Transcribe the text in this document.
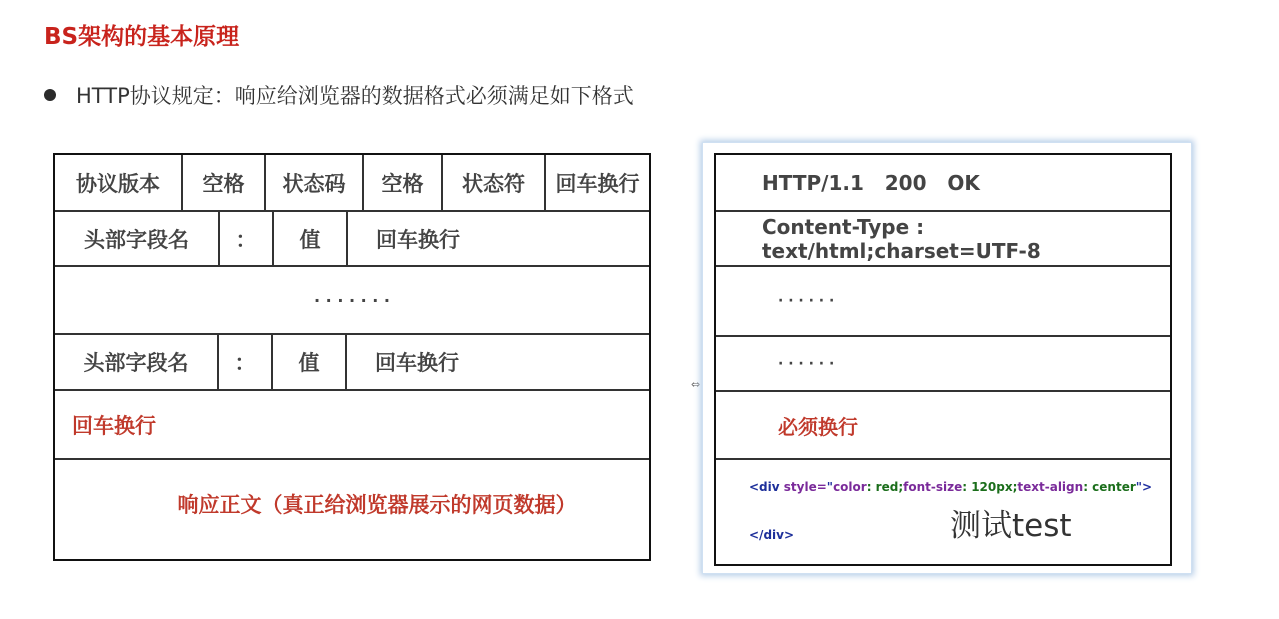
BS架构的基本原理
HTTP协议规定：响应给浏览器的数据格式必须满足如下格式
协议版本	空格	状态码	空格	状态符	回车换行
头部字段名	：	值	回车换行
· · · · · · ·
头部字段名	：	值	回车换行
回车换行
响应正文（真正给浏览器展示的网页数据）
⇔
HTTP/1.1   200   OK
Content-Type : text/html;charset=UTF-8
· · · · · ·
· · · · · ·
必须换行
<div style="color: red;font-size: 120px;text-align: center">
</div>	测试test
